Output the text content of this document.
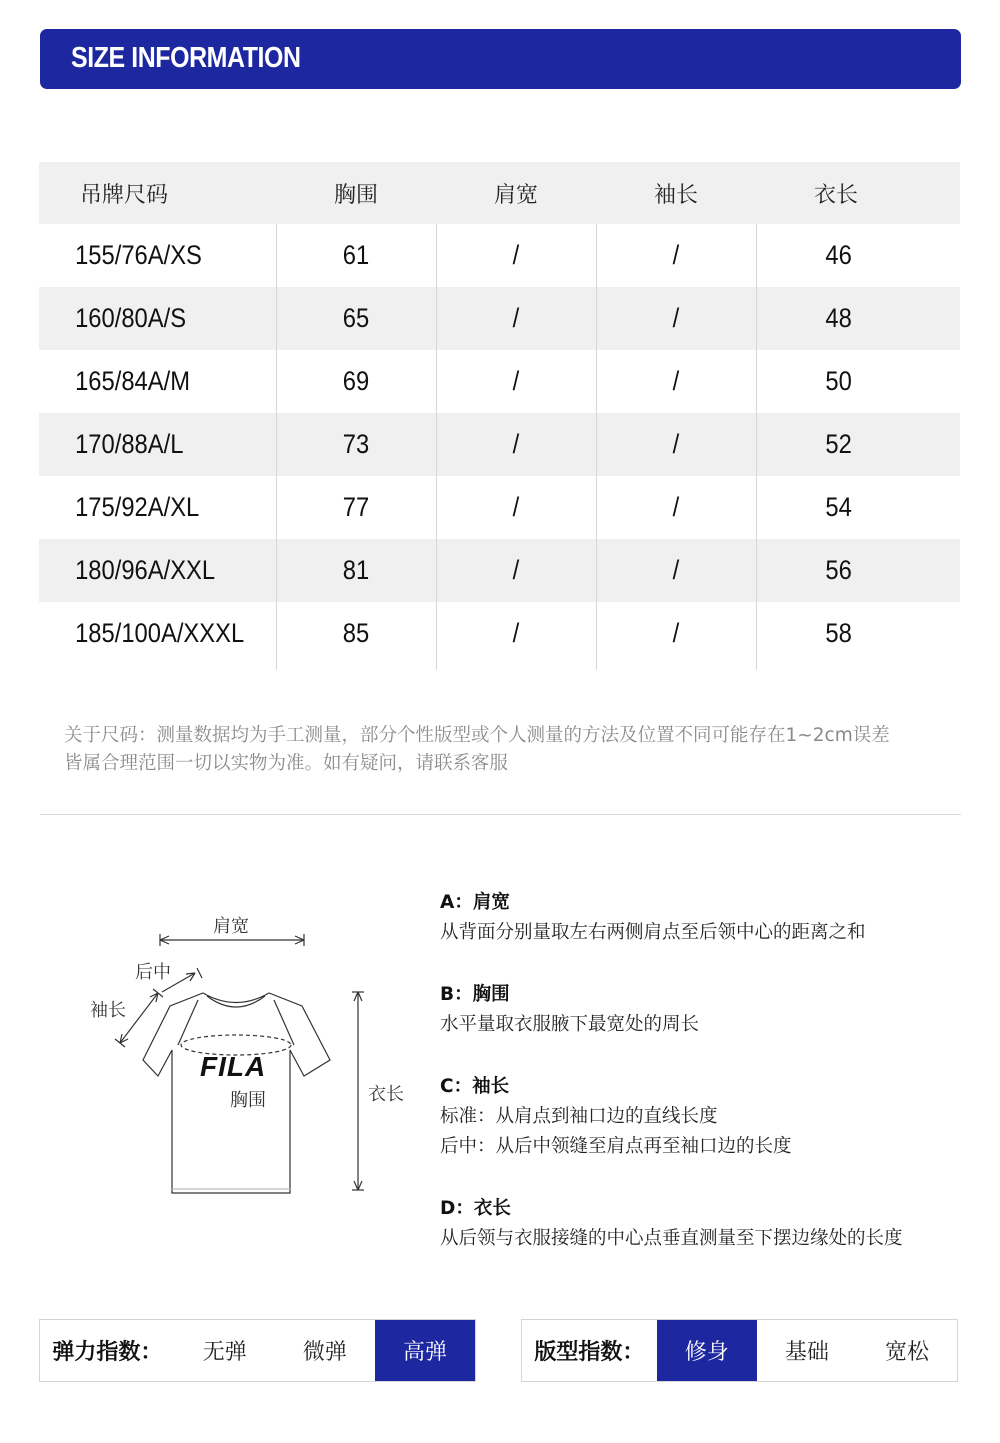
SIZE INFORMATION
吊牌尺码	胸围	肩宽	袖长	衣长
155/76A/XS	61	/	/	46
160/80A/S	65	/	/	48
165/84A/M	69	/	/	50
170/88A/L	73	/	/	52
175/92A/XL	77	/	/	54
180/96A/XXL	81	/	/	56
185/100A/XXXL	85	/	/	58
关于尺码：测量数据均为手工测量，部分个性版型或个人测量的方法及位置不同可能存在1~2cm误差
皆属合理范围一切以实物为准。如有疑问，请联系客服
肩宽
后中
袖长
FILA
胸围	衣长
A：肩宽
从背面分别量取左右两侧肩点至后领中心的距离之和
B：胸围
水平量取衣服腋下最宽处的周长
C：袖长
标准：从肩点到袖口边的直线长度
后中：从后中领缝至肩点再至袖口边的长度
D：衣长
从后领与衣服接缝的中心点垂直测量至下摆边缘处的长度
弹力指数：	无弹	微弹	高弹	版型指数：	修身	基础	宽松
